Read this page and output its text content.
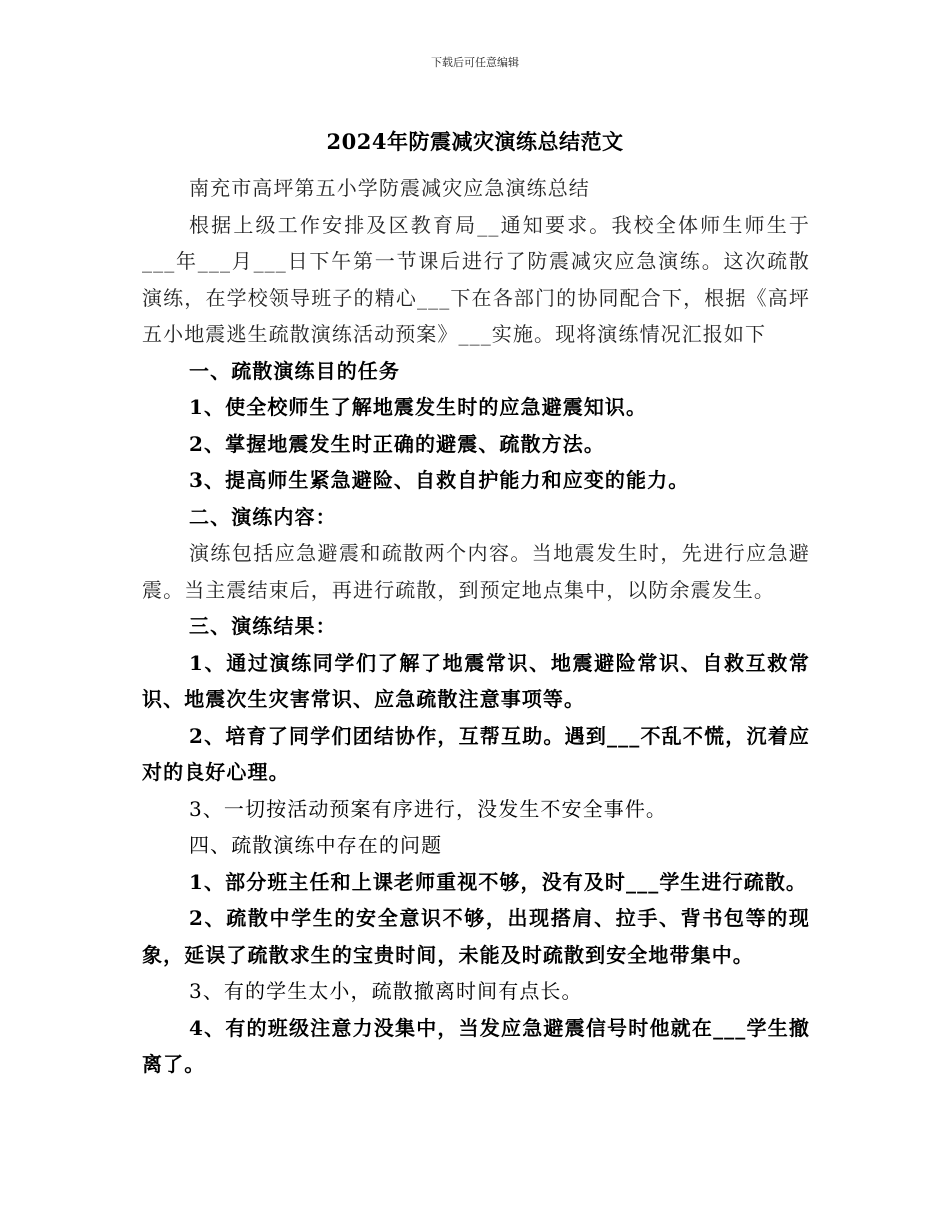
下载后可任意编辑
2024年防震减灾演练总结范文

南充市高坪第五小学防震减灾应急演练总结

根据上级工作安排及区教育局__通知要求。我校全体师生师生于___年___月___日下午第一节课后进行了防震减灾应急演练。这次疏散演练，在学校领导班子的精心___下在各部门的协同配合下，根据《高坪五小地震逃生疏散演练活动预案》___实施。现将演练情况汇报如下

一、疏散演练目的任务

1、使全校师生了解地震发生时的应急避震知识。

2、掌握地震发生时正确的避震、疏散方法。

3、提高师生紧急避险、自救自护能力和应变的能力。

二、演练内容：

演练包括应急避震和疏散两个内容。当地震发生时，先进行应急避震。当主震结束后，再进行疏散，到预定地点集中，以防余震发生。

三、演练结果：

1、通过演练同学们了解了地震常识、地震避险常识、自救互救常识、地震次生灾害常识、应急疏散注意事项等。

2、培育了同学们团结协作，互帮互助。遇到___不乱不慌，沉着应对的良好心理。

3、一切按活动预案有序进行，没发生不安全事件。

四、疏散演练中存在的问题

1、部分班主任和上课老师重视不够，没有及时___学生进行疏散。

2、疏散中学生的安全意识不够，出现搭肩、拉手、背书包等的现象，延误了疏散求生的宝贵时间，未能及时疏散到安全地带集中。

3、有的学生太小，疏散撤离时间有点长。

4、有的班级注意力没集中，当发应急避震信号时他就在___学生撤离了。
